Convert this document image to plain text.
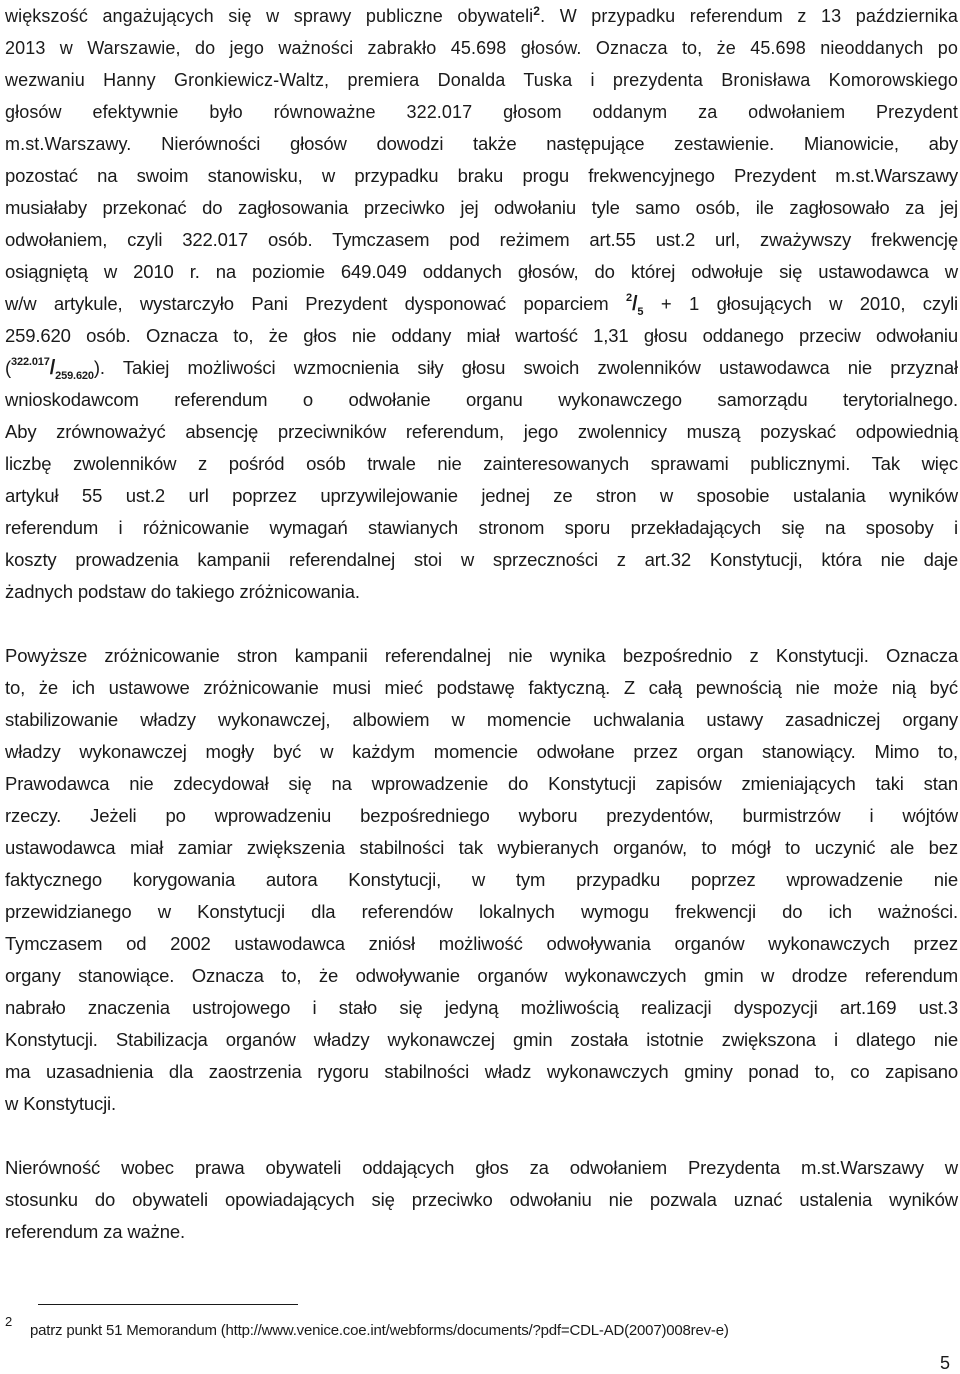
większość angażujących się w sprawy publiczne obywateli$^2$. W przypadku referendum z 13 października
2013 w Warszawie, do jego ważności zabrakło 45.698 głosów. Oznacza to, że 45.698 nieoddanych po
wezwaniu Hanny Gronkiewicz-Waltz, premiera Donalda Tuska i prezydenta Bronisława Komorowskiego
głosów efektywnie było równoważne 322.017 głosom oddanym za odwołaniem Prezydent
m.st.Warszawy. Nierówności głosów dowodzi także następujące zestawienie. Mianowicie, aby
pozostać na swoim stanowisku, w przypadku braku progu frekwencyjnego Prezydent m.st.Warszawy
musiałaby przekonać do zagłosowania przeciwko jej odwołaniu tyle samo osób, ile zagłosowało za jej
odwołaniem, czyli 322.017 osób. Tymczasem pod reżimem art.55 ust.2 url, zważywszy frekwencję
osiągniętą w 2010 r. na poziomie 649.049 oddanych głosów, do której odwołuje się ustawodawca w
w/w artykule, wystarczyło Pani Prezydent dysponować poparciem $^2/_5 + 1$ głosujących w 2010, czyli
259.620 osób. Oznacza to, że głos nie oddany miał wartość 1,31 głosu oddanego przeciw odwołaniu
$(^{322.017}/_{259.620})$. Takiej możliwości wzmocnienia siły głosu swoich zwolenników ustawodawca nie przyznał
wnioskodawcom referendum o odwołanie organu wykonawczego samorządu terytorialnego.
Aby zrównoważyć absencję przeciwników referendum, jego zwolennicy muszą pozyskać odpowiednią
liczbę zwolenników z pośród osób trwale nie zainteresowanych sprawami publicznymi. Tak więc
artykuł 55 ust.2 url poprzez uprzywilejowanie jednej ze stron w sposobie ustalania wyników
referendum i różnicowanie wymagań stawianych stronom sporu przekładających się na sposoby i
koszty prowadzenia kampanii referendalnej stoi w sprzeczności z art.32 Konstytucji, która nie daje
żadnych podstaw do takiego zróżnicowania.
Powyższe zróżnicowanie stron kampanii referendalnej nie wynika bezpośrednio z Konstytucji. Oznacza
to, że ich ustawowe zróżnicowanie musi mieć podstawę faktyczną. Z całą pewnością nie może nią być
stabilizowanie władzy wykonawczej, albowiem w momencie uchwalania ustawy zasadniczej organy
władzy wykonawczej mogły być w każdym momencie odwołane przez organ stanowiący. Mimo to,
Prawodawca nie zdecydował się na wprowadzenie do Konstytucji zapisów zmieniających taki stan
rzeczy. Jeżeli po wprowadzeniu bezpośredniego wyboru prezydentów, burmistrzów i wójtów
ustawodawca miał zamiar zwiększenia stabilności tak wybieranych organów, to mógł to uczynić ale bez
faktycznego korygowania autora Konstytucji, w tym przypadku poprzez wprowadzenie nie
przewidzianego w Konstytucji dla referendów lokalnych wymogu frekwencji do ich ważności.
Tymczasem od 2002 ustawodawca zniósł możliwość odwoływania organów wykonawczych przez
organy stanowiące. Oznacza to, że odwoływanie organów wykonawczych gmin w drodze referendum
nabrało znaczenia ustrojowego i stało się jedyną możliwością realizacji dyspozycji art.169 ust.3
Konstytucji. Stabilizacja organów władzy wykonawczej gmin została istotnie zwiększona i dlatego nie
ma uzasadnienia dla zaostrzenia rygoru stabilności władz wykonawczych gminy ponad to, co zapisano
w Konstytucji.
Nierówność wobec prawa obywateli oddających głos za odwołaniem Prezydenta m.st.Warszawy w
stosunku do obywateli opowiadających się przeciwko odwołaniu nie pozwala uznać ustalenia wyników
referendum za ważne.
2
patrz punkt 51 Memorandum (http://www.venice.coe.int/webforms/documents/?pdf=CDL-AD(2007)008rev-e)
5
